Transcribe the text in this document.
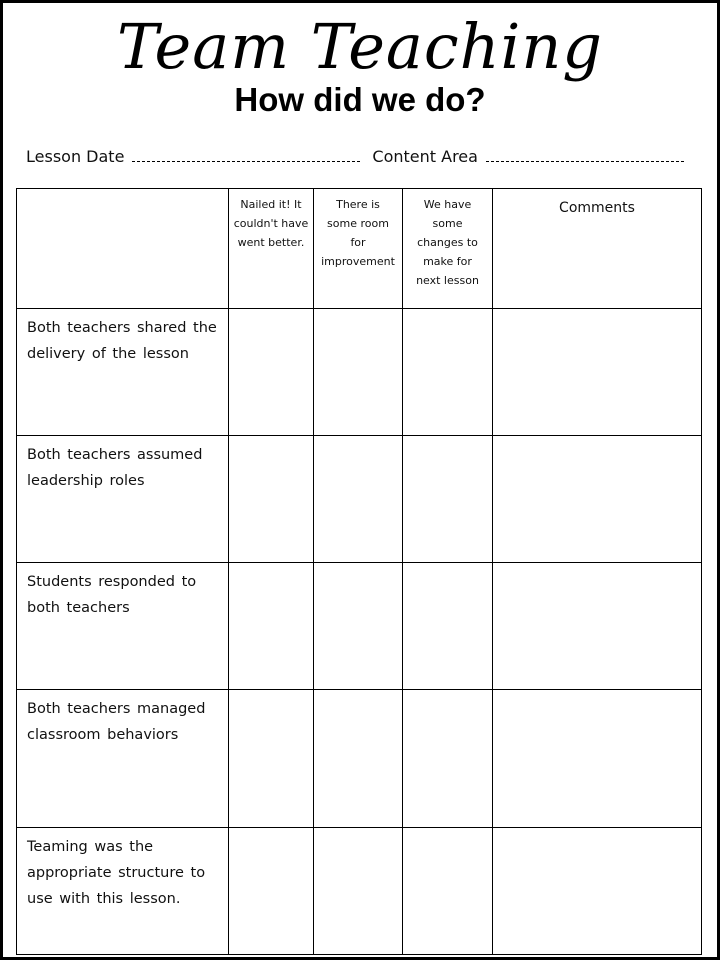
Team Teaching
How did we do?
Lesson Date	Content Area

	Nailed it! It couldn't have went better.	There is some room for improvement	We have some changes to make for next lesson	Comments

Both teachers shared the delivery of the lesson				
Both teachers assumed leadership roles				
Students responded to both teachers				
Both teachers managed classroom behaviors				
Teaming was the appropriate structure to use with this lesson.				
